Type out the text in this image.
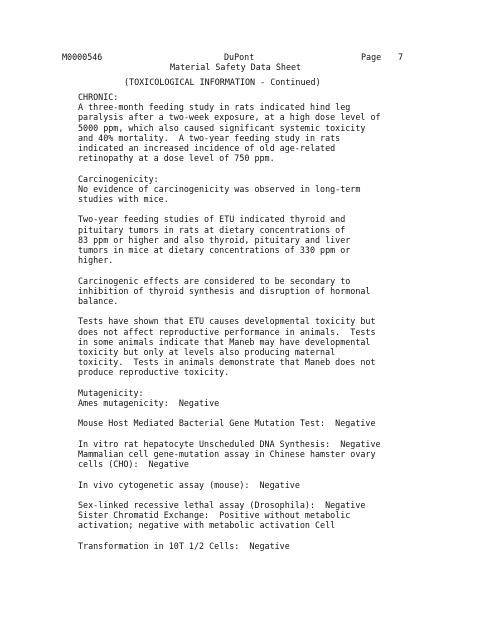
M0000546	DuPont	Page 7
Material Safety Data Sheet
(TOXICOLOGICAL INFORMATION - Continued)
CHRONIC:
A three-month feeding study in rats indicated hind leg
paralysis after a two-week exposure, at a high dose level of
5000 ppm, which also caused significant systemic toxicity
and 40% mortality.  A two-year feeding study in rats
indicated an increased incidence of old age-related
retinopathy at a dose level of 750 ppm.
Carcinogenicity:
No evidence of carcinogenicity was observed in long-term
studies with mice.
Two-year feeding studies of ETU indicated thyroid and
pituitary tumors in rats at dietary concentrations of
83 ppm or higher and also thyroid, pituitary and liver
tumors in mice at dietary concentrations of 330 ppm or
higher.
Carcinogenic effects are considered to be secondary to
inhibition of thyroid synthesis and disruption of hormonal
balance.
Tests have shown that ETU causes developmental toxicity but
does not affect reproductive performance in animals.  Tests
in some animals indicate that Maneb may have developmental
toxicity but only at levels also producing maternal
toxicity.  Tests in animals demonstrate that Maneb does not
produce reproductive toxicity.
Mutagenicity:
Ames mutagenicity:  Negative
Mouse Host Mediated Bacterial Gene Mutation Test:  Negative
In vitro rat hepatocyte Unscheduled DNA Synthesis:  Negative
Mammalian cell gene-mutation assay in Chinese hamster ovary
cells (CHO):  Negative
In vivo cytogenetic assay (mouse):  Negative
Sex-linked recessive lethal assay (Drosophila):  Negative
Sister Chromatid Exchange:  Positive without metabolic
activation; negative with metabolic activation Cell
Transformation in 10T 1/2 Cells:  Negative
